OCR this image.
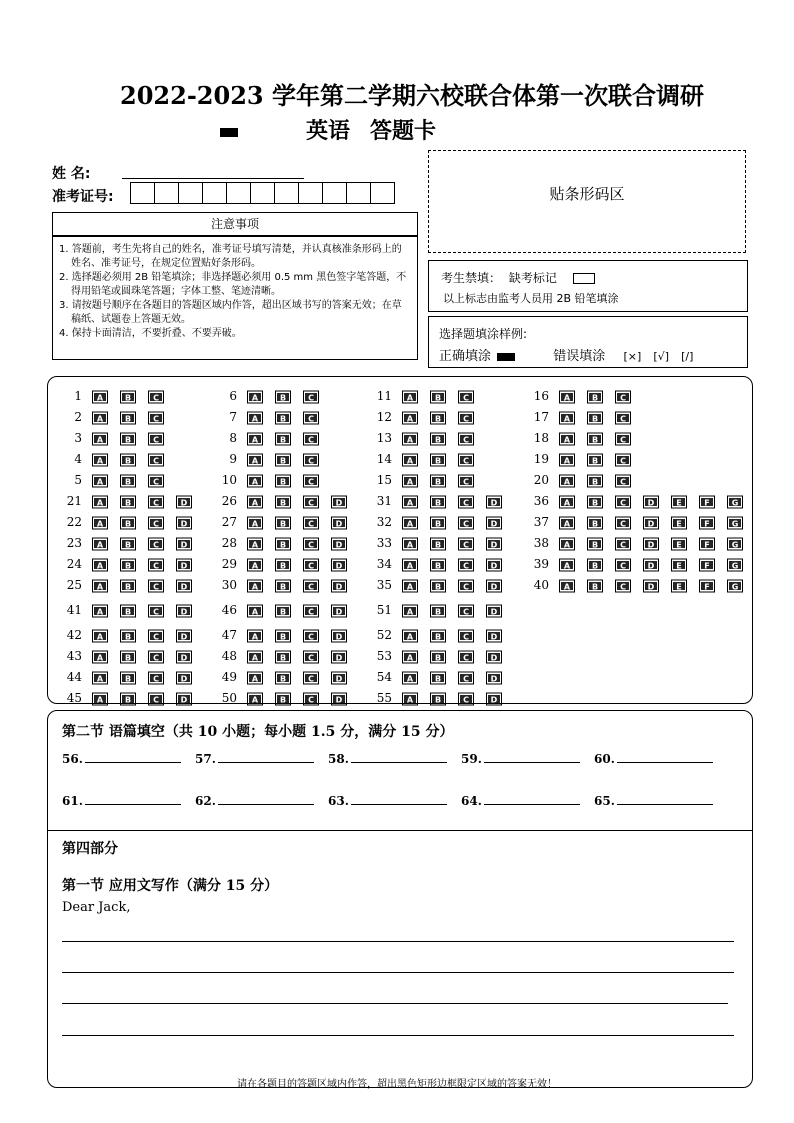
2022-2023 学年第二学期六校联合体第一次联合调研
英语 答题卡
姓 名:
准考证号:
注意事项
1. 答题前，考生先将自己的姓名，准考证号填写清楚，并认真核准条形码上的姓名、准考证号，在规定位置贴好条形码。
2. 选择题必须用 2B 铅笔填涂；非选择题必须用 0.5 mm 黑色签字笔答题，不得用铅笔或圆珠笔答题；字体工整、笔迹清晰。
3. 请按题号顺序在各题目的答题区域内作答，超出区域书写的答案无效；在草稿纸、试题卷上答题无效。
4. 保持卡面清洁，不要折叠、不要弄破。
贴条形码区
考生禁填： 缺考标记
以上标志由监考人员用 2B 铅笔填涂
选择题填涂样例:
正确填涂	错误填涂 [×] [√] [/]
1 A	B	C
2 A	B	C
3 A	B	C
4 A	B	C
5 A	B	C
6 A	B	C
7 A	B	C
8 A	B	C
9 A	B	C
10 A	B	C
11 A	B	C
12 A	B	C
13 A	B	C
14 A	B	C
15 A	B	C
16 A	B	C
17 A	B	C
18 A	B	C
19 A	B	C
20 A	B	C
21 A	B	C	D
22 A	B	C	D
23 A	B	C	D
24 A	B	C	D
25 A	B	C	D
26 A	B	C	D
27 A	B	C	D
28 A	B	C	D
29 A	B	C	D
30 A	B	C	D
31 A	B	C	D
32 A	B	C	D
33 A	B	C	D
34 A	B	C	D
35 A	B	C	D
36 A	B	C	D	E	F	G
37 A	B	C	D	E	F	G
38 A	B	C	D	E	F	G
39 A	B	C	D	E	F	G
40 A	B	C	D	E	F	G
41 A	B	C	D
42 A	B	C	D
43 A	B	C	D
44 A	B	C	D
45 A	B	C	D
46 A	B	C	D
47 A	B	C	D
48 A	B	C	D
49 A	B	C	D
50 A	B	C	D
51 A	B	C	D
52 A	B	C	D
53 A	B	C	D
54 A	B	C	D
55 A	B	C	D
第二节 语篇填空（共 10 小题；每小题 1.5 分，满分 15 分）
56.	57.	58.	59.	60.
61.	62.	63.	64.	65.
第四部分
第一节 应用文写作（满分 15 分）
Dear Jack,
请在各题目的答题区域内作答，超出黑色矩形边框限定区域的答案无效！
